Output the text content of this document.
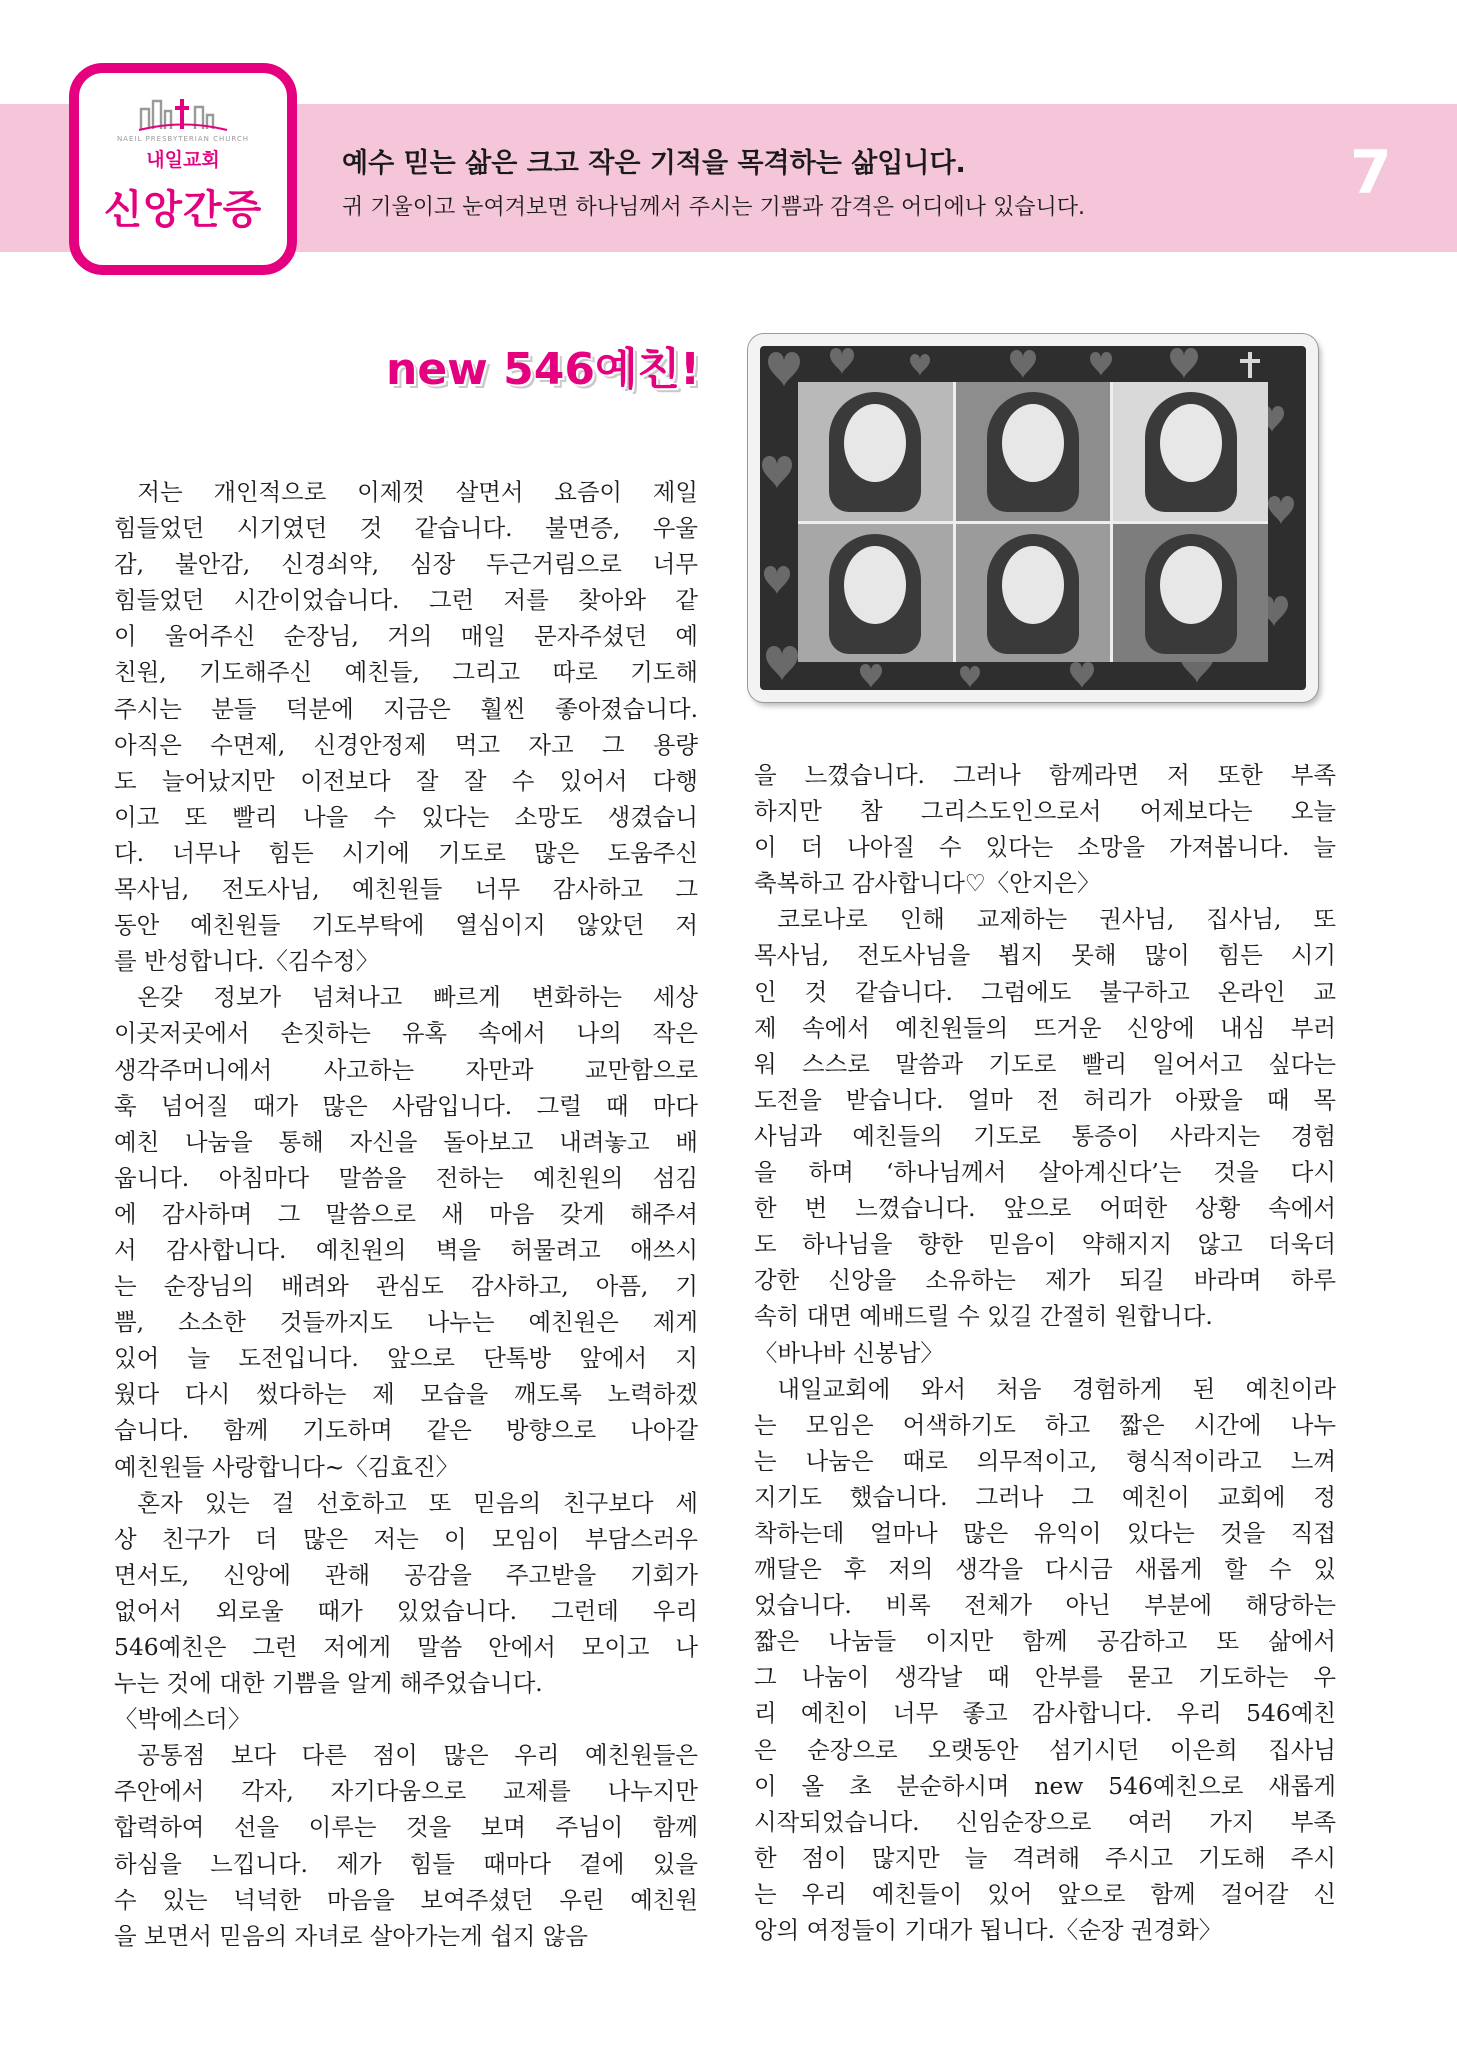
NAEIL PRESBYTERIAN CHURCH
내일교회
신앙간증
예수 믿는 삶은 크고 작은 기적을 목격하는 삶입니다.
귀 기울이고 눈여겨보면 하나님께서 주시는 기쁨과 감격은 어디에나 있습니다.	7
new 546예친!
  저는 개인적으로 이제껏 살면서 요즘이 제일
힘들었던 시기였던 것 같습니다. 불면증, 우울
감, 불안감, 신경쇠약, 심장 두근거림으로 너무
힘들었던 시간이었습니다. 그런 저를 찾아와 같
이 울어주신 순장님, 거의 매일 문자주셨던 예
친원, 기도해주신 예친들, 그리고 따로 기도해
주시는 분들 덕분에 지금은 훨씬 좋아졌습니다.
아직은 수면제, 신경안정제 먹고 자고 그 용량
도 늘어났지만 이전보다 잘 잘 수 있어서 다행
이고 또 빨리 나을 수 있다는 소망도 생겼습니
다. 너무나 힘든 시기에 기도로 많은 도움주신
목사님, 전도사님, 예친원들 너무 감사하고 그
동안 예친원들 기도부탁에 열심이지 않았던 저
를 반성합니다.〈김수정〉
  온갖 정보가 넘쳐나고 빠르게 변화하는 세상
이곳저곳에서 손짓하는 유혹 속에서 나의 작은
생각주머니에서 사고하는 자만과 교만함으로
훅 넘어질 때가 많은 사람입니다. 그럴 때 마다
예친 나눔을 통해 자신을 돌아보고 내려놓고 배
웁니다. 아침마다 말씀을 전하는 예친원의 섬김
에 감사하며 그 말씀으로 새 마음 갖게 해주셔
서 감사합니다. 예친원의 벽을 허물려고 애쓰시
는 순장님의 배려와 관심도 감사하고, 아픔, 기
쁨, 소소한 것들까지도 나누는 예친원은 제게
있어 늘 도전입니다. 앞으로 단톡방 앞에서 지
웠다 다시 썼다하는 제 모습을 깨도록 노력하겠
습니다. 함께 기도하며 같은 방향으로 나아갈
예친원들 사랑합니다~〈김효진〉
  혼자 있는 걸 선호하고 또 믿음의 친구보다 세
상 친구가 더 많은 저는 이 모임이 부담스러우
면서도, 신앙에 관해 공감을 주고받을 기회가
없어서 외로울 때가 있었습니다. 그런데 우리
546예친은 그런 저에게 말씀 안에서 모이고 나
누는 것에 대한 기쁨을 알게 해주었습니다.
〈박에스더〉
  공통점 보다 다른 점이 많은 우리 예친원들은
주안에서 각자, 자기다움으로 교제를 나누지만
합력하여 선을 이루는 것을 보며 주님이 함께
하심을 느낍니다. 제가 힘들 때마다 곁에 있을
수 있는 넉넉한 마음을 보여주셨던 우린 예친원
을 보면서 믿음의 자녀로 살아가는게 쉽지 않음
을 느꼈습니다. 그러나 함께라면 저 또한 부족
하지만 참 그리스도인으로서 어제보다는 오늘
이 더 나아질 수 있다는 소망을 가져봅니다. 늘
축복하고 감사합니다♡〈안지은〉
  코로나로 인해 교제하는 권사님, 집사님, 또
목사님, 전도사님을 뵙지 못해 많이 힘든 시기
인 것 같습니다. 그럼에도 불구하고 온라인 교
제 속에서 예친원들의 뜨거운 신앙에 내심 부러
워 스스로 말씀과 기도로 빨리 일어서고 싶다는
도전을 받습니다. 얼마 전 허리가 아팠을 때 목
사님과 예친들의 기도로 통증이 사라지는 경험
을 하며 ‘하나님께서 살아계신다’는 것을 다시
한 번 느꼈습니다. 앞으로 어떠한 상황 속에서
도 하나님을 향한 믿음이 약해지지 않고 더욱더
강한 신앙을 소유하는 제가 되길 바라며 하루
속히 대면 예배드릴 수 있길 간절히 원합니다.
〈바나바 신봉남〉
  내일교회에 와서 처음 경험하게 된 예친이라
는 모임은 어색하기도 하고 짧은 시간에 나누
는 나눔은 때로 의무적이고, 형식적이라고 느껴
지기도 했습니다. 그러나 그 예친이 교회에 정
착하는데 얼마나 많은 유익이 있다는 것을 직접
깨달은 후 저의 생각을 다시금 새롭게 할 수 있
었습니다. 비록 전체가 아닌 부분에 해당하는
짧은 나눔들 이지만 함께 공감하고 또 삶에서
그 나눔이 생각날 때 안부를 묻고 기도하는 우
리 예친이 너무 좋고 감사합니다. 우리 546예친
은 순장으로 오랫동안 섬기시던 이은희 집사님
이 올 초 분순하시며 new 546예친으로 새롭게
시작되었습니다. 신임순장으로 여러 가지 부족
한 점이 많지만 늘 격려해 주시고 기도해 주시
는 우리 예친들이 있어 앞으로 함께 걸어갈 신
앙의 여정들이 기대가 됩니다.〈순장 권경화〉
